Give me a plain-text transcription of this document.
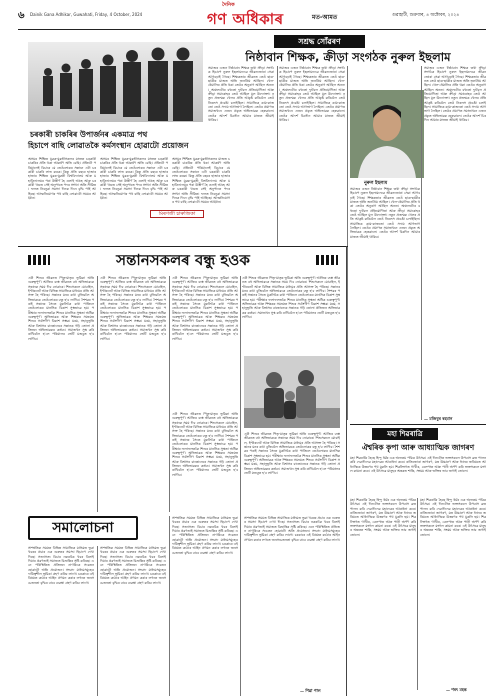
৬ Dainik Gana Adhikar, Guwahati, Friday, 4 October, 2024
দৈনিক
গণ অধিকাৰ	মত-আমত	গুৱাহাটী, শুক্ৰবাৰ, ৪ অক্টোবৰ, ২০২৪
চৰকাৰী চাকৰিৰ উপাৰ্জনৰ একমাত্ৰ পথ
হিচাপে বাছি লোৱাতকৈ কৰ্মসংস্থান হোৱাটো প্ৰয়োজন
অসমৰ শিক্ষিত যুৱক-যুৱতীসকলৰ মাজত চৰকাৰী চাকৰিৰ প্ৰতি থকা আকৰ্ষণ অতি বেছি। প্ৰতিটো পৰিয়ালেই বিচাৰে যে তেওঁলোকৰ সন্তানে এটা চৰকাৰী চাকৰি লাভ কৰক। কিন্তু প্ৰতি বছৰে হাজাৰ হাজাৰ শিক্ষিত যুৱক-যুৱতী বিশ্ববিদ্যালয় আৰু মহাবিদ্যালয়ৰ পৰা উত্তীৰ্ণ হৈ ওলাই আহে আৰু চৰকাৰী খণ্ডত সেই অনুপাতে পদৰ সংখ্যা অতি সীমিত। ফলত নিবনুৱা সমস্যা দিনক দিনে বৃদ্ধি পাই আহিছে। আত্মনিয়োগৰ পথ বাছি লোৱাটো সময়ৰ আহ্বান।
অসমৰ শিক্ষিত যুৱক-যুৱতীসকলৰ মাজত চৰকাৰী চাকৰিৰ প্ৰতি থকা আকৰ্ষণ অতি বেছি। প্ৰতিটো পৰিয়ালেই বিচাৰে যে তেওঁলোকৰ সন্তানে এটা চৰকাৰী চাকৰি লাভ কৰক। কিন্তু প্ৰতি বছৰে হাজাৰ হাজাৰ শিক্ষিত যুৱক-যুৱতী বিশ্ববিদ্যালয় আৰু মহাবিদ্যালয়ৰ পৰা উত্তীৰ্ণ হৈ ওলাই আহে আৰু চৰকাৰী খণ্ডত সেই অনুপাতে পদৰ সংখ্যা অতি সীমিত। ফলত নিবনুৱা সমস্যা দিনক দিনে বৃদ্ধি পাই আহিছে। আত্মনিয়োগৰ পথ বাছি লোৱাটো সময়ৰ আহ্বান।
অসমৰ শিক্ষিত যুৱক-যুৱতীসকলৰ মাজত চৰকাৰী চাকৰিৰ প্ৰতি থকা আকৰ্ষণ অতি বেছি। প্ৰতিটো পৰিয়ালেই বিচাৰে যে তেওঁলোকৰ সন্তানে এটা চৰকাৰী চাকৰি লাভ কৰক। কিন্তু প্ৰতি বছৰে হাজাৰ হাজাৰ শিক্ষিত যুৱক-যুৱতী বিশ্ববিদ্যালয় আৰু মহাবিদ্যালয়ৰ পৰা উত্তীৰ্ণ হৈ ওলাই আহে আৰু চৰকাৰী খণ্ডত সেই অনুপাতে পদৰ সংখ্যা অতি সীমিত। ফলত নিবনুৱা সমস্যা দিনক দিনে বৃদ্ধি পাই আহিছে। আত্মনিয়োগৰ পথ বাছি লোৱাটো সময়ৰ আহ্বান।
মিৰণজী চাৰুজিকা
সশ্ৰদ্ধ সোঁৱৰণ
নিষ্ঠাবান শিক্ষক, ক্ৰীড়া সংগঠক নুৰুল ইছলাম
সমাজৰ এজন নিষ্ঠাবান শিক্ষক তথা ক্ৰীড়া সংগঠক হিচাপে নুৰুল ইছলামদেৱে জীৱনজোৰা সেৱা আগবঢ়াই গৈছে। শিক্ষকতাৰ জীৱনত তেওঁ ছাত্ৰ-ছাত্ৰীৰ মাজত অতি জনপ্ৰিয় আছিল। খেল-ধেমালিৰ প্ৰতি থকা তেওঁৰ অনুৰাগ আছিল অনন্য। অঞ্চলটোৰ বহুতো ফুটবল প্ৰতিযোগিতা আৰু ক্ৰীড়া সমাৰোহৰ তেওঁ আছিল মূল উদ্যোক্তা। নতুন প্ৰজন্মক খেলৰ প্ৰতি আকৃষ্ট কৰিবলৈ তেওঁ নিৰলস প্ৰচেষ্টা চলাইছিল। সামাজিক কাম-কাজতো তেওঁ সদায় আগভাগ লৈছিল। তেওঁৰ প্ৰয়াণত সমাজখনে এজন প্ৰকৃত অভিভাৱক হেৰুৱালে। তেওঁৰ আদৰ্শ চিৰদিন আমাৰ মাজত জীয়াই থাকিব।
সমাজৰ এজন নিষ্ঠাবান শিক্ষক তথা ক্ৰীড়া সংগঠক হিচাপে নুৰুল ইছলামদেৱে জীৱনজোৰা সেৱা আগবঢ়াই গৈছে। শিক্ষকতাৰ জীৱনত তেওঁ ছাত্ৰ-ছাত্ৰীৰ মাজত অতি জনপ্ৰিয় আছিল। খেল-ধেমালিৰ প্ৰতি থকা তেওঁৰ অনুৰাগ আছিল অনন্য। অঞ্চলটোৰ বহুতো ফুটবল প্ৰতিযোগিতা আৰু ক্ৰীড়া সমাৰোহৰ তেওঁ আছিল মূল উদ্যোক্তা। নতুন প্ৰজন্মক খেলৰ প্ৰতি আকৃষ্ট কৰিবলৈ তেওঁ নিৰলস প্ৰচেষ্টা চলাইছিল। সামাজিক কাম-কাজতো তেওঁ সদায় আগভাগ লৈছিল। তেওঁৰ প্ৰয়াণত সমাজখনে এজন প্ৰকৃত অভিভাৱক হেৰুৱালে। তেওঁৰ আদৰ্শ চিৰদিন আমাৰ মাজত জীয়াই থাকিব।
নুৰুল ইছলাম
সমাজৰ এজন নিষ্ঠাবান শিক্ষক তথা ক্ৰীড়া সংগঠক হিচাপে নুৰুল ইছলামদেৱে জীৱনজোৰা সেৱা আগবঢ়াই গৈছে। শিক্ষকতাৰ জীৱনত তেওঁ ছাত্ৰ-ছাত্ৰীৰ মাজত অতি জনপ্ৰিয় আছিল। খেল-ধেমালিৰ প্ৰতি থকা তেওঁৰ অনুৰাগ আছিল অনন্য। অঞ্চলটোৰ বহুতো ফুটবল প্ৰতিযোগিতা আৰু ক্ৰীড়া সমাৰোহৰ তেওঁ আছিল মূল উদ্যোক্তা। নতুন প্ৰজন্মক খেলৰ প্ৰতি আকৃষ্ট কৰিবলৈ তেওঁ নিৰলস প্ৰচেষ্টা চলাইছিল। সামাজিক কাম-কাজতো তেওঁ সদায় আগভাগ লৈছিল। তেওঁৰ প্ৰয়াণত সমাজখনে এজন প্ৰকৃত অভিভাৱক হেৰুৱালে। তেওঁৰ আদৰ্শ চিৰদিন আমাৰ মাজত জীয়াই থাকিব।
সমাজৰ এজন নিষ্ঠাবান শিক্ষক তথা ক্ৰীড়া সংগঠক হিচাপে নুৰুল ইছলামদেৱে জীৱনজোৰা সেৱা আগবঢ়াই গৈছে। শিক্ষকতাৰ জীৱনত তেওঁ ছাত্ৰ-ছাত্ৰীৰ মাজত অতি জনপ্ৰিয় আছিল। খেল-ধেমালিৰ প্ৰতি থকা তেওঁৰ অনুৰাগ আছিল অনন্য। অঞ্চলটোৰ বহুতো ফুটবল প্ৰতিযোগিতা আৰু ক্ৰীড়া সমাৰোহৰ তেওঁ আছিল মূল উদ্যোক্তা। নতুন প্ৰজন্মক খেলৰ প্ৰতি আকৃষ্ট কৰিবলৈ তেওঁ নিৰলস প্ৰচেষ্টা চলাইছিল। সামাজিক কাম-কাজতো তেওঁ সদায় আগভাগ লৈছিল। তেওঁৰ প্ৰয়াণত সমাজখনে এজন প্ৰকৃত অভিভাৱক হেৰুৱালে। তেওঁৰ আদৰ্শ চিৰদিন আমাৰ মাজত জীয়াই থাকিব।
— মজিবুৰ ৰহমান
সন্তানসকলৰ বন্ধু হওক
এটা শিশুৰ জীৱনত পিতৃ-মাতৃৰ ভূমিকা অতি গুৰুত্বপূৰ্ণ। আজিৰ ব্যস্ত জীৱনত বহু অভিভাৱকে সন্তানক সময় দিব নোৱাৰে। শিশুসকলে মোবাইল, ইণ্টাৰনেট আৰু বিভিন্ন সামাজিক মাধ্যমৰ প্ৰতি আসক্ত হৈ পৰিছে। সন্তানৰ মনৰ কথা বুজিবলৈ অভিভাৱকে তেওঁলোকৰ বন্ধু হ'ব লাগিব। শৈশৱৰ পৰাই সন্তানৰ সৈতে মুকলিকৈ কথা পাতিলে তেওঁলোকৰ মানসিক বিকাশ সুস্থভাৱে হয়। পৰীক্ষাৰ ফলাফলতকৈ শিশুৰ মানসিক সুস্থতা অধিক গুৰুত্বপূৰ্ণ। অভিভাৱক আৰু শিক্ষকৰ সমন্বয়ত শিশুৰ সৰ্বাংগীণ বিকাশ সম্ভৱ। মৰম, সহানুভূতি আৰু বিশ্বাসৰ বান্ধোনেৰে সন্তানক গঢ়ি তোলা প্ৰতিজন অভিভাৱকৰ কৰ্তব্য। সমাজখন সুস্থ কৰি ৰাখিবলৈ হ'লে পৰিয়ালৰ ভেটি মজবুত হ'ব লাগিব।
এটা শিশুৰ জীৱনত পিতৃ-মাতৃৰ ভূমিকা অতি গুৰুত্বপূৰ্ণ। আজিৰ ব্যস্ত জীৱনত বহু অভিভাৱকে সন্তানক সময় দিব নোৱাৰে। শিশুসকলে মোবাইল, ইণ্টাৰনেট আৰু বিভিন্ন সামাজিক মাধ্যমৰ প্ৰতি আসক্ত হৈ পৰিছে। সন্তানৰ মনৰ কথা বুজিবলৈ অভিভাৱকে তেওঁলোকৰ বন্ধু হ'ব লাগিব। শৈশৱৰ পৰাই সন্তানৰ সৈতে মুকলিকৈ কথা পাতিলে তেওঁলোকৰ মানসিক বিকাশ সুস্থভাৱে হয়। পৰীক্ষাৰ ফলাফলতকৈ শিশুৰ মানসিক সুস্থতা অধিক গুৰুত্বপূৰ্ণ। অভিভাৱক আৰু শিক্ষকৰ সমন্বয়ত শিশুৰ সৰ্বাংগীণ বিকাশ সম্ভৱ। মৰম, সহানুভূতি আৰু বিশ্বাসৰ বান্ধোনেৰে সন্তানক গঢ়ি তোলা প্ৰতিজন অভিভাৱকৰ কৰ্তব্য। সমাজখন সুস্থ কৰি ৰাখিবলৈ হ'লে পৰিয়ালৰ ভেটি মজবুত হ'ব লাগিব।
এটা শিশুৰ জীৱনত পিতৃ-মাতৃৰ ভূমিকা অতি গুৰুত্বপূৰ্ণ। আজিৰ ব্যস্ত জীৱনত বহু অভিভাৱকে সন্তানক সময় দিব নোৱাৰে। শিশুসকলে মোবাইল, ইণ্টাৰনেট আৰু বিভিন্ন সামাজিক মাধ্যমৰ প্ৰতি আসক্ত হৈ পৰিছে। সন্তানৰ মনৰ কথা বুজিবলৈ অভিভাৱকে তেওঁলোকৰ বন্ধু হ'ব লাগিব। শৈশৱৰ পৰাই সন্তানৰ সৈতে মুকলিকৈ কথা পাতিলে তেওঁলোকৰ মানসিক বিকাশ সুস্থভাৱে হয়। পৰীক্ষাৰ ফলাফলতকৈ শিশুৰ মানসিক সুস্থতা অধিক গুৰুত্বপূৰ্ণ। অভিভাৱক আৰু শিক্ষকৰ সমন্বয়ত শিশুৰ সৰ্বাংগীণ বিকাশ সম্ভৱ। মৰম, সহানুভূতি আৰু বিশ্বাসৰ বান্ধোনেৰে সন্তানক গঢ়ি তোলা প্ৰতিজন অভিভাৱকৰ কৰ্তব্য। সমাজখন সুস্থ কৰি ৰাখিবলৈ হ'লে পৰিয়ালৰ ভেটি মজবুত হ'ব লাগিব।
এটা শিশুৰ জীৱনত পিতৃ-মাতৃৰ ভূমিকা অতি গুৰুত্বপূৰ্ণ। আজিৰ ব্যস্ত জীৱনত বহু অভিভাৱকে সন্তানক সময় দিব নোৱাৰে। শিশুসকলে মোবাইল, ইণ্টাৰনেট আৰু বিভিন্ন সামাজিক মাধ্যমৰ প্ৰতি আসক্ত হৈ পৰিছে। সন্তানৰ মনৰ কথা বুজিবলৈ অভিভাৱকে তেওঁলোকৰ বন্ধু হ'ব লাগিব। শৈশৱৰ পৰাই সন্তানৰ সৈতে মুকলিকৈ কথা পাতিলে তেওঁলোকৰ মানসিক বিকাশ সুস্থভাৱে হয়। পৰীক্ষাৰ ফলাফলতকৈ শিশুৰ মানসিক সুস্থতা অধিক গুৰুত্বপূৰ্ণ। অভিভাৱক আৰু শিক্ষকৰ সমন্বয়ত শিশুৰ সৰ্বাংগীণ বিকাশ সম্ভৱ। মৰম, সহানুভূতি আৰু বিশ্বাসৰ বান্ধোনেৰে সন্তানক গঢ়ি তোলা প্ৰতিজন অভিভাৱকৰ কৰ্তব্য। সমাজখন সুস্থ কৰি ৰাখিবলৈ হ'লে পৰিয়ালৰ ভেটি মজবুত হ'ব লাগিব।
এটা শিশুৰ জীৱনত পিতৃ-মাতৃৰ ভূমিকা অতি গুৰুত্বপূৰ্ণ। আজিৰ ব্যস্ত জীৱনত বহু অভিভাৱকে সন্তানক সময় দিব নোৱাৰে। শিশুসকলে মোবাইল, ইণ্টাৰনেট আৰু বিভিন্ন সামাজিক মাধ্যমৰ প্ৰতি আসক্ত হৈ পৰিছে। সন্তানৰ মনৰ কথা বুজিবলৈ অভিভাৱকে তেওঁলোকৰ বন্ধু হ'ব লাগিব। শৈশৱৰ পৰাই সন্তানৰ সৈতে মুকলিকৈ কথা পাতিলে তেওঁলোকৰ মানসিক বিকাশ সুস্থভাৱে হয়। পৰীক্ষাৰ ফলাফলতকৈ শিশুৰ মানসিক সুস্থতা অধিক গুৰুত্বপূৰ্ণ। অভিভাৱক আৰু শিক্ষকৰ সমন্বয়ত শিশুৰ সৰ্বাংগীণ বিকাশ সম্ভৱ। মৰম, সহানুভূতি আৰু বিশ্বাসৰ বান্ধোনেৰে সন্তানক গঢ়ি তোলা প্ৰতিজন অভিভাৱকৰ কৰ্তব্য। সমাজখন সুস্থ কৰি ৰাখিবলৈ হ'লে পৰিয়ালৰ ভেটি মজবুত হ'ব লাগিব।
এটা শিশুৰ জীৱনত পিতৃ-মাতৃৰ ভূমিকা অতি গুৰুত্বপূৰ্ণ। আজিৰ ব্যস্ত জীৱনত বহু অভিভাৱকে সন্তানক সময় দিব নোৱাৰে। শিশুসকলে মোবাইল, ইণ্টাৰনেট আৰু বিভিন্ন সামাজিক মাধ্যমৰ প্ৰতি আসক্ত হৈ পৰিছে। সন্তানৰ মনৰ কথা বুজিবলৈ অভিভাৱকে তেওঁলোকৰ বন্ধু হ'ব লাগিব। শৈশৱৰ পৰাই সন্তানৰ সৈতে মুকলিকৈ কথা পাতিলে তেওঁলোকৰ মানসিক বিকাশ সুস্থভাৱে হয়। পৰীক্ষাৰ ফলাফলতকৈ শিশুৰ মানসিক সুস্থতা অধিক গুৰুত্বপূৰ্ণ। অভিভাৱক আৰু শিক্ষকৰ সমন্বয়ত শিশুৰ সৰ্বাংগীণ বিকাশ সম্ভৱ। মৰম, সহানুভূতি আৰু বিশ্বাসৰ বান্ধোনেৰে সন্তানক গঢ়ি তোলা প্ৰতিজন অভিভাৱকৰ কৰ্তব্য। সমাজখন সুস্থ কৰি ৰাখিবলৈ হ'লে পৰিয়ালৰ ভেটি মজবুত হ'ব লাগিব।
সমালোচনা
সাম্প্ৰতিক সময়ত বিভিন্ন সামাজিক মাধ্যমত ভুৱা খবৰৰ প্ৰচাৰ এক গুৰুতৰ সমস্যা হিচাপে দেখা দিছে। সত্যাসত্য বিচাৰ নকৰাকৈ খবৰ বিলাই দিয়াৰ প্ৰৱণতাই সমাজত বিভ্ৰান্তিৰ সৃষ্টি কৰিছে। এনে পৰিস্থিতিত প্ৰতিজন নাগৰিকে সচেতন হোৱাটো অতি প্ৰয়োজন। সংবাদ মাধ্যমসমূহেও দায়িত্বশীল ভূমিকা গ্ৰহণ কৰিব লাগে। চৰকাৰে এই বিষয়ত কঠোৰ আইন প্ৰণয়ন কৰাৰ লগতে জনসচেতনতা বৃদ্ধিৰ বাবে ব্যৱস্থা গ্ৰহণ কৰিব লাগে।
সাম্প্ৰতিক সময়ত বিভিন্ন সামাজিক মাধ্যমত ভুৱা খবৰৰ প্ৰচাৰ এক গুৰুতৰ সমস্যা হিচাপে দেখা দিছে। সত্যাসত্য বিচাৰ নকৰাকৈ খবৰ বিলাই দিয়াৰ প্ৰৱণতাই সমাজত বিভ্ৰান্তিৰ সৃষ্টি কৰিছে। এনে পৰিস্থিতিত প্ৰতিজন নাগৰিকে সচেতন হোৱাটো অতি প্ৰয়োজন। সংবাদ মাধ্যমসমূহেও দায়িত্বশীল ভূমিকা গ্ৰহণ কৰিব লাগে। চৰকাৰে এই বিষয়ত কঠোৰ আইন প্ৰণয়ন কৰাৰ লগতে জনসচেতনতা বৃদ্ধিৰ বাবে ব্যৱস্থা গ্ৰহণ কৰিব লাগে।
সাম্প্ৰতিক সময়ত বিভিন্ন সামাজিক মাধ্যমত ভুৱা খবৰৰ প্ৰচাৰ এক গুৰুতৰ সমস্যা হিচাপে দেখা দিছে। সত্যাসত্য বিচাৰ নকৰাকৈ খবৰ বিলাই দিয়াৰ প্ৰৱণতাই সমাজত বিভ্ৰান্তিৰ সৃষ্টি কৰিছে। এনে পৰিস্থিতিত প্ৰতিজন নাগৰিকে সচেতন হোৱাটো অতি প্ৰয়োজন। সংবাদ মাধ্যমসমূহেও দায়িত্বশীল ভূমিকা গ্ৰহণ কৰিব লাগে। চৰকাৰে এই বিষয়ত কঠোৰ আইন প্ৰণয়ন কৰাৰ লগতে জনসচেতনতা বৃদ্ধিৰ বাবে ব্যৱস্থা গ্ৰহণ কৰিব লাগে।
সাম্প্ৰতিক সময়ত বিভিন্ন সামাজিক মাধ্যমত ভুৱা খবৰৰ প্ৰচাৰ এক গুৰুতৰ সমস্যা হিচাপে দেখা দিছে। সত্যাসত্য বিচাৰ নকৰাকৈ খবৰ বিলাই দিয়াৰ প্ৰৱণতাই সমাজত বিভ্ৰান্তিৰ সৃষ্টি কৰিছে। এনে পৰিস্থিতিত প্ৰতিজন নাগৰিকে সচেতন হোৱাটো অতি প্ৰয়োজন। সংবাদ মাধ্যমসমূহেও দায়িত্বশীল ভূমিকা গ্ৰহণ কৰিব লাগে। চৰকাৰে এই বিষয়ত কঠোৰ আইন প্ৰণয়ন কৰাৰ লগতে জনসচেতনতা বৃদ্ধিৰ বাবে ব্যৱস্থা গ্ৰহণ কৰিব লাগে।
— শিৱা পাল
মহা শিৱৰাত্ৰি
ঐশ্বৰিক কৃপা আৰু আধ্যাত্মিক জাগৰণ
মহা শিৱৰাত্ৰি হৈছে হিন্দু ধৰ্মৰ এক অন্যতম পবিত্ৰ উৎসৱ। এই দিনটোত ভক্তসকলে উপবাস ব্ৰত পালন কৰি দেৱাদিদেৱ মহাদেৱৰ আৰাধনা কৰে। ৰাতিজোৰা জাগৰণ, মন্ত্ৰ উচ্চাৰণ আৰু ধ্যানৰ জৰিয়তে আধ্যাত্মিক উত্তৰণৰ পথ মুকলি হয়। শিৱলিংগত গাখীৰ, বেলপাত আৰু পানী অৰ্পণ কৰি ভক্তসকলে মংগল কামনা কৰে। এই উৎসৱে মানুহৰ অন্তৰত শান্তি, সংযম আৰু ভক্তিৰ ভাব জগাই তোলে।
মহা শিৱৰাত্ৰি হৈছে হিন্দু ধৰ্মৰ এক অন্যতম পবিত্ৰ উৎসৱ। এই দিনটোত ভক্তসকলে উপবাস ব্ৰত পালন কৰি দেৱাদিদেৱ মহাদেৱৰ আৰাধনা কৰে। ৰাতিজোৰা জাগৰণ, মন্ত্ৰ উচ্চাৰণ আৰু ধ্যানৰ জৰিয়তে আধ্যাত্মিক উত্তৰণৰ পথ মুকলি হয়। শিৱলিংগত গাখীৰ, বেলপাত আৰু পানী অৰ্পণ কৰি ভক্তসকলে মংগল কামনা কৰে। এই উৎসৱে মানুহৰ অন্তৰত শান্তি, সংযম আৰু ভক্তিৰ ভাব জগাই তোলে।
মহা শিৱৰাত্ৰি হৈছে হিন্দু ধৰ্মৰ এক অন্যতম পবিত্ৰ উৎসৱ। এই দিনটোত ভক্তসকলে উপবাস ব্ৰত পালন কৰি দেৱাদিদেৱ মহাদেৱৰ আৰাধনা কৰে। ৰাতিজোৰা জাগৰণ, মন্ত্ৰ উচ্চাৰণ আৰু ধ্যানৰ জৰিয়তে আধ্যাত্মিক উত্তৰণৰ পথ মুকলি হয়। শিৱলিংগত গাখীৰ, বেলপাত আৰু পানী অৰ্পণ কৰি ভক্তসকলে মংগল কামনা কৰে। এই উৎসৱে মানুহৰ অন্তৰত শান্তি, সংযম আৰু ভক্তিৰ ভাব জগাই তোলে।
— শৰৎ মহন্ত
